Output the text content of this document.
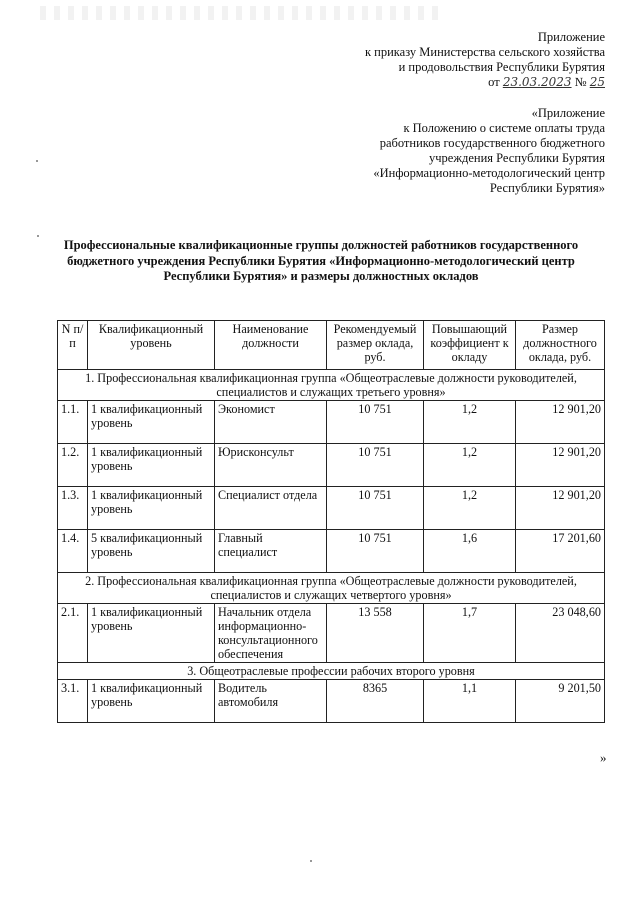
Приложение
к приказу Министерства сельского хозяйства
и продовольствия Республики Бурятия
от 23.03.2023 № 25
«Приложение
к Положению о системе оплаты труда
работников государственного бюджетного
учреждения Республики Бурятия
«Информационно-методологический центр
Республики Бурятия»
Профессиональные квалификационные группы должностей работников государственного
бюджетного учреждения Республики Бурятия «Информационно-методологический центр
Республики Бурятия» и размеры должностных окладов
N п/п	Квалификационный уровень	Наименование должности	Рекомендуемый размер оклада, руб.	Повышающий коэффициент к окладу	Размер должностного оклада, руб.
1. Профессиональная квалификационная группа «Общеотраслевые должности руководителей, специалистов и служащих третьего уровня»					
1.1.	1 квалификационный уровень	Экономист	10 751	1,2	12 901,20
1.2.	1 квалификационный уровень	Юрисконсульт	10 751	1,2	12 901,20
1.3.	1 квалификационный уровень	Специалист отдела	10 751	1,2	12 901,20
1.4.	5 квалификационный уровень	Главный специалист	10 751	1,6	17 201,60
2. Профессиональная квалификационная группа «Общеотраслевые должности руководителей, специалистов и служащих четвертого уровня»					
2.1.	1 квалификационный уровень	Начальник отдела информационно-консультационного обеспечения	13 558	1,7	23 048,60
3. Общеотраслевые профессии рабочих второго уровня					
3.1.	1 квалификационный уровень	Водитель автомобиля	8365	1,1	9 201,50
»
